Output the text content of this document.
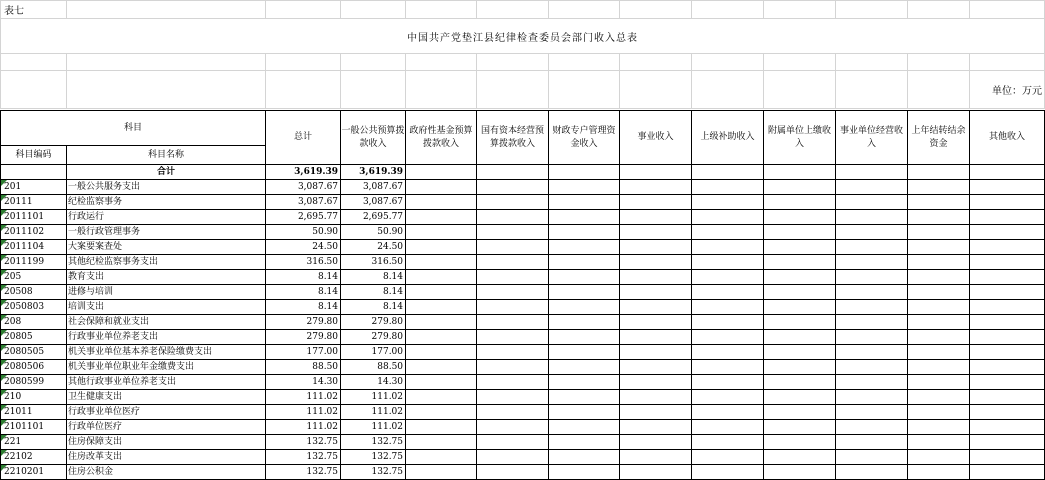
表七												
中国共产党垫江县纪律检查委员会部门收入总表												

												单位：万元
科目		总计	一般公共预算拨款收入	政府性基金预算拨款收入	国有资本经营预算拨款收入	财政专户管理资金收入	事业收入	上级补助收入	附属单位上缴收入	事业单位经营收入	上年结转结余资金	其他收入
科目编码	科目名称											
	合计	3,619.39	3,619.39									

201	一般公共服务支出	3,087.67	3,087.67									

20111	纪检监察事务	3,087.67	3,087.67									

2011101	行政运行	2,695.77	2,695.77									

2011102	一般行政管理事务	50.90	50.90									

2011104	大案要案查处	24.50	24.50									

2011199	其他纪检监察事务支出	316.50	316.50									

205	教育支出	8.14	8.14									

20508	进修与培训	8.14	8.14									

2050803	培训支出	8.14	8.14									

208	社会保障和就业支出	279.80	279.80									

20805	行政事业单位养老支出	279.80	279.80									

2080505	机关事业单位基本养老保险缴费支出	177.00	177.00									

2080506	机关事业单位职业年金缴费支出	88.50	88.50									

2080599	其他行政事业单位养老支出	14.30	14.30									

210	卫生健康支出	111.02	111.02									

21011	行政事业单位医疗	111.02	111.02									

2101101	行政单位医疗	111.02	111.02									

221	住房保障支出	132.75	132.75									

22102	住房改革支出	132.75	132.75									

2210201	住房公积金	132.75	132.75									
